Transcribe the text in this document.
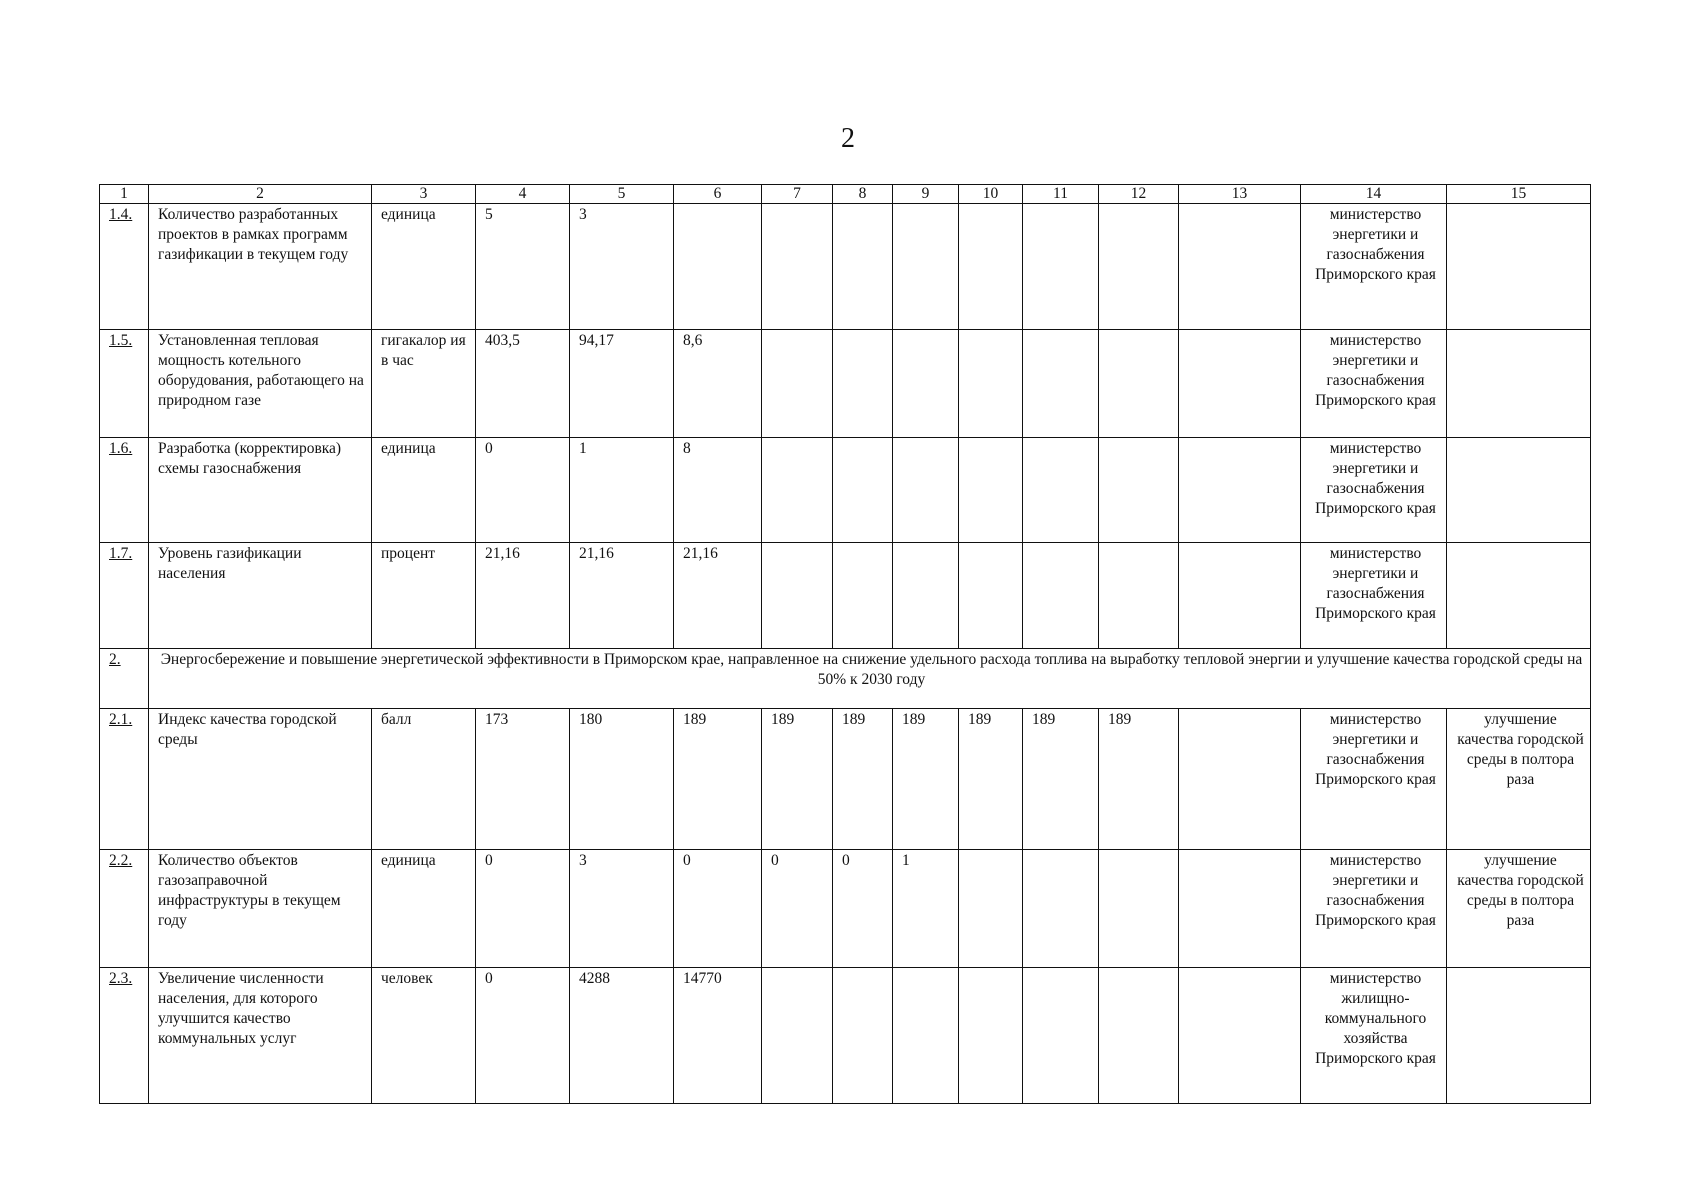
2
1	2	3	4	5	6	7	8	9	10	11	12	13	14	15
1.4.	Количество разработанных проектов в рамках программ газификации в текущем году	единица	5	3									министерство энергетики и газоснабжения Приморского края	
1.5.	Установленная тепловая мощность котельного оборудования, работающего на природном газе	гигакалор ия в час	403,5	94,17	8,6								министерство энергетики и газоснабжения Приморского края	
1.6.	Разработка (корректировка) схемы газоснабжения	единица	0	1	8								министерство энергетики и газоснабжения Приморского края	
1.7.	Уровень газификации населения	процент	21,16	21,16	21,16								министерство энергетики и газоснабжения Приморского края	
2.	Энергосбережение и повышение энергетической эффективности в Приморском крае, направленное на снижение удельного расхода топлива на выработку тепловой энергии и улучшение качества городской среды на 50% к 2030 году													
2.1.	Индекс качества городской среды	балл	173	180	189	189	189	189	189	189	189		министерство энергетики и газоснабжения Приморского края	улучшение качества городской среды в полтора раза
2.2.	Количество объектов газозаправочной инфраструктуры в текущем году	единица	0	3	0	0	0	1					министерство энергетики и газоснабжения Приморского края	улучшение качества городской среды в полтора раза
2.3.	Увеличение численности населения, для которого улучшится качество коммунальных услуг	человек	0	4288	14770								министерство жилищно-коммунального хозяйства Приморского края	
